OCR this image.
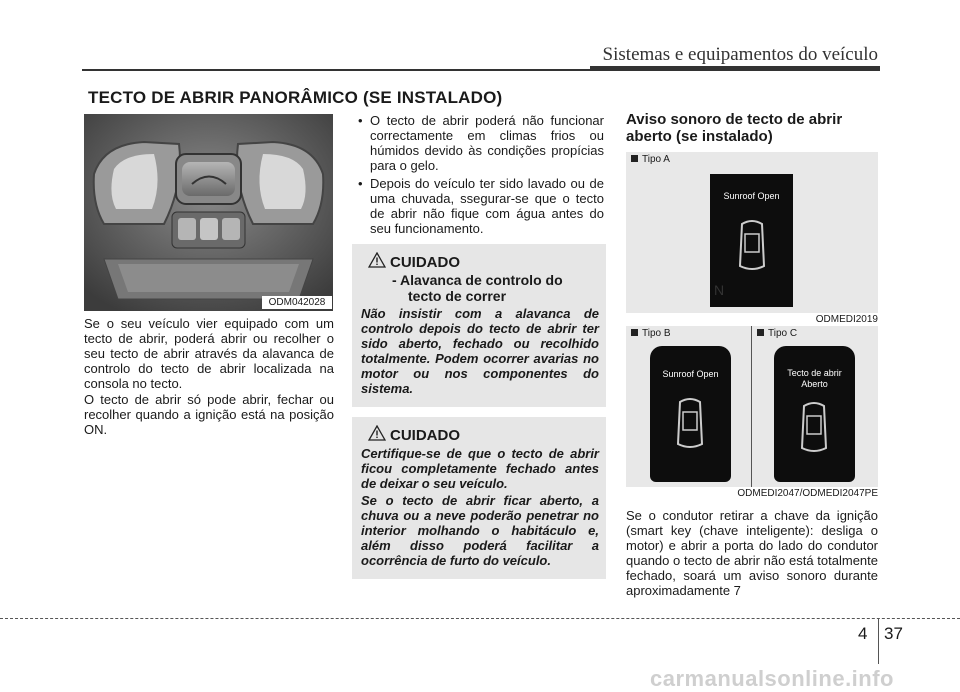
Sistemas e equipamentos do veículo
TECTO DE ABRIR PANORÂMICO (SE INSTALADO)
ODM042028
Se o seu veículo vier equipado com um tecto de abrir, poderá abrir ou recolher o seu tecto de abrir através da alavanca de controlo do tecto de abrir localizada na consola no tecto.
O tecto de abrir só pode abrir, fechar ou recolher quando a ignição está na posição ON.
• O tecto de abrir poderá não funcionar correctamente em climas frios ou húmidos devido às condições propícias para o gelo.
• Depois do veículo ter sido lavado ou de uma chuvada, ssegurar-se que o tecto de abrir não fique com água antes do seu funcionamento.
CUIDADO
- Alavanca de controlo do
tecto de correr
Não insistir com a alavanca de controlo depois do tecto de abrir ter sido aberto, fechado ou recolhido totalmente. Podem ocorrer avarias no motor ou nos componentes do sistema.
CUIDADO
Certifique-se de que o tecto de abrir ficou completamente fechado antes de deixar o seu veículo.
Se o tecto de abrir ficar aberto, a chuva ou a neve poderão penetrar no interior molhando o habitáculo e, além disso poderá facilitar a ocorrência de furto do veículo.
Aviso sonoro de tecto de abrir aberto (se instalado)
Tipo A
Sunroof Open
N
ODMEDI2019
Tipo B	Tipo C
Sunroof Open	Tecto de abrir
Aberto
ODMEDI2047/ODMEDI2047PE
Se o condutor retirar a chave da ignição (smart key (chave inteligente): desliga o motor) e abrir a porta do lado do condutor quando o tecto de abrir não está totalmente fechado, soará um aviso sonoro durante aproximadamente 7
4 37
carmanualsonline.info
